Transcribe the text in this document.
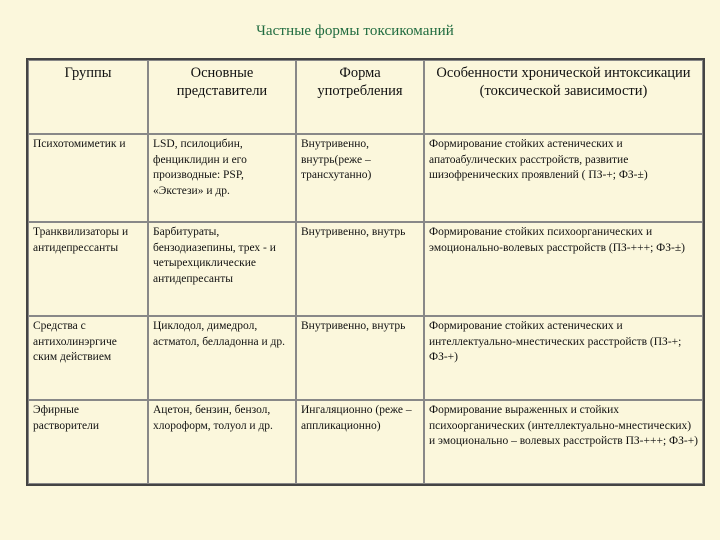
Частные формы токсикоманий
Группы	Основные представители	Форма употребления	Особенности хронической интоксикации (токсической зависимости)
Психотомиметик и	LSD, псилоцибин, фенциклидин и его производные: PSP, «Экстези» и др.	Внутривенно, внутрь(реже – трансхутанно)	Формирование стойких астенических и апатоабулических расстройств, развитие шизофренических проявлений ( ПЗ-+; ФЗ-±)
Транквилизаторы и антидепрессанты	Барбитураты, бензодиазепины, трех - и четырехциклические антидепресанты	Внутривенно, внутрь	Формирование стойких психоорганических и эмоционально-волевых расстройств (ПЗ-+++; ФЗ-±)
Средства с антихолинэргиче ским действием	Циклодол, димедрол, астматол, белладонна и др.	Внутривенно, внутрь	Формирование стойких астенических и интеллектуально-мнестических расстройств (ПЗ-+; ФЗ-+)
Эфирные растворители	Ацетон, бензин, бензол, хлороформ, толуол и др.	Ингаляционно (реже – аппликационно)	Формирование выраженных и стойких психоорганических (интеллектуально-мнестических) и эмоционально – волевых расстройств ПЗ-+++; ФЗ-+)
